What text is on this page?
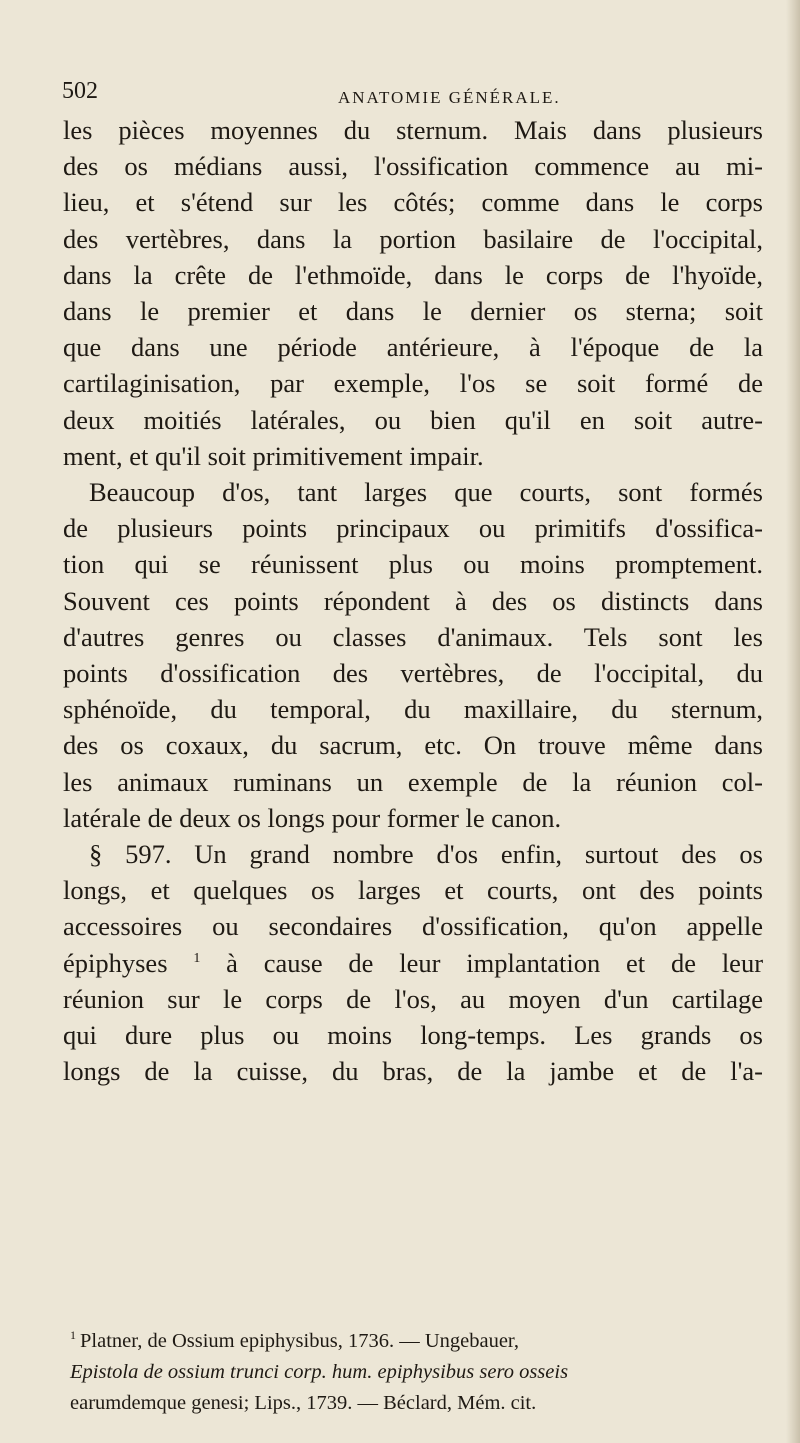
502	ANATOMIE GÉNÉRALE.
les pièces moyennes du sternum. Mais dans plusieurs
des os médians aussi, l'ossification commence au mi-
lieu, et s'étend sur les côtés; comme dans le corps
des vertèbres, dans la portion basilaire de l'occipital,
dans la crête de l'ethmoïde, dans le corps de l'hyoïde,
dans le premier et dans le dernier os sterna; soit
que dans une période antérieure, à l'époque de la
cartilaginisation, par exemple, l'os se soit formé de
deux moitiés latérales, ou bien qu'il en soit autre-
ment, et qu'il soit primitivement impair.
Beaucoup d'os, tant larges que courts, sont formés
de plusieurs points principaux ou primitifs d'ossifica-
tion qui se réunissent plus ou moins promptement.
Souvent ces points répondent à des os distincts dans
d'autres genres ou classes d'animaux. Tels sont les
points d'ossification des vertèbres, de l'occipital, du
sphénoïde, du temporal, du maxillaire, du sternum,
des os coxaux, du sacrum, etc. On trouve même dans
les animaux ruminans un exemple de la réunion col-
latérale de deux os longs pour former le canon.
§ 597. Un grand nombre d'os enfin, surtout des os
longs, et quelques os larges et courts, ont des points
accessoires ou secondaires d'ossification, qu'on appelle
épiphyses $^1$ à cause de leur implantation et de leur
réunion sur le corps de l'os, au moyen d'un cartilage
qui dure plus ou moins long-temps. Les grands os
longs de la cuisse, du bras, de la jambe et de l'a-
$^1$ Platner, de Ossium epiphysibus, 1736. — Ungebauer,
Epistola de ossium trunci corp. hum. epiphysibus sero osseis
earumdemque genesi; Lips., 1739. — Béclard, Mém. cit.
